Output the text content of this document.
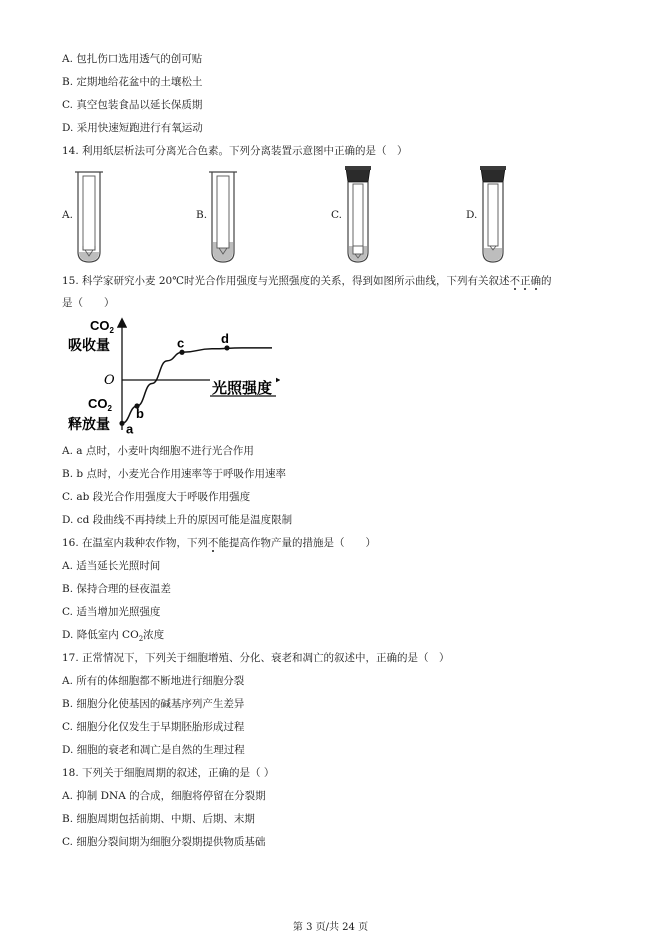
A. 包扎伤口选用透气的创可贴
B. 定期地给花盆中的土壤松土
C. 真空包装食品以延长保质期
D. 采用快速短跑进行有氧运动
14. 利用纸层析法可分离光合色素。下列分离装置示意图中正确的是（　）
A.	B.	C.	D.
15. 科学家研究小麦 20℃时光合作用强度与光照强度的关系，得到如图所示曲线，下列有关叙述不正确的
是（　　）
$CO_2$
吸收量
O
$CO_2$
释放量
光照强度
a
b
c	d
A. a 点时，小麦叶肉细胞不进行光合作用
B. b 点时，小麦光合作用速率等于呼吸作用速率
C. ab 段光合作用强度大于呼吸作用强度
D. cd 段曲线不再持续上升的原因可能是温度限制
16. 在温室内栽种农作物，下列不能提高作物产量的措施是（　　）
A. 适当延长光照时间
B. 保持合理的昼夜温差
C. 适当增加光照强度
D. 降低室内 $CO_2$浓度
17. 正常情况下，下列关于细胞增殖、分化、衰老和凋亡的叙述中，正确的是（　）
A. 所有的体细胞都不断地进行细胞分裂
B. 细胞分化使基因的碱基序列产生差异
C. 细胞分化仅发生于早期胚胎形成过程
D. 细胞的衰老和凋亡是自然的生理过程
18. 下列关于细胞周期的叙述，正确的是（ ）
A. 抑制 DNA 的合成，细胞将停留在分裂期
B. 细胞周期包括前期、中期、后期、末期
C. 细胞分裂间期为细胞分裂期提供物质基础
第 3 页/共 24 页
